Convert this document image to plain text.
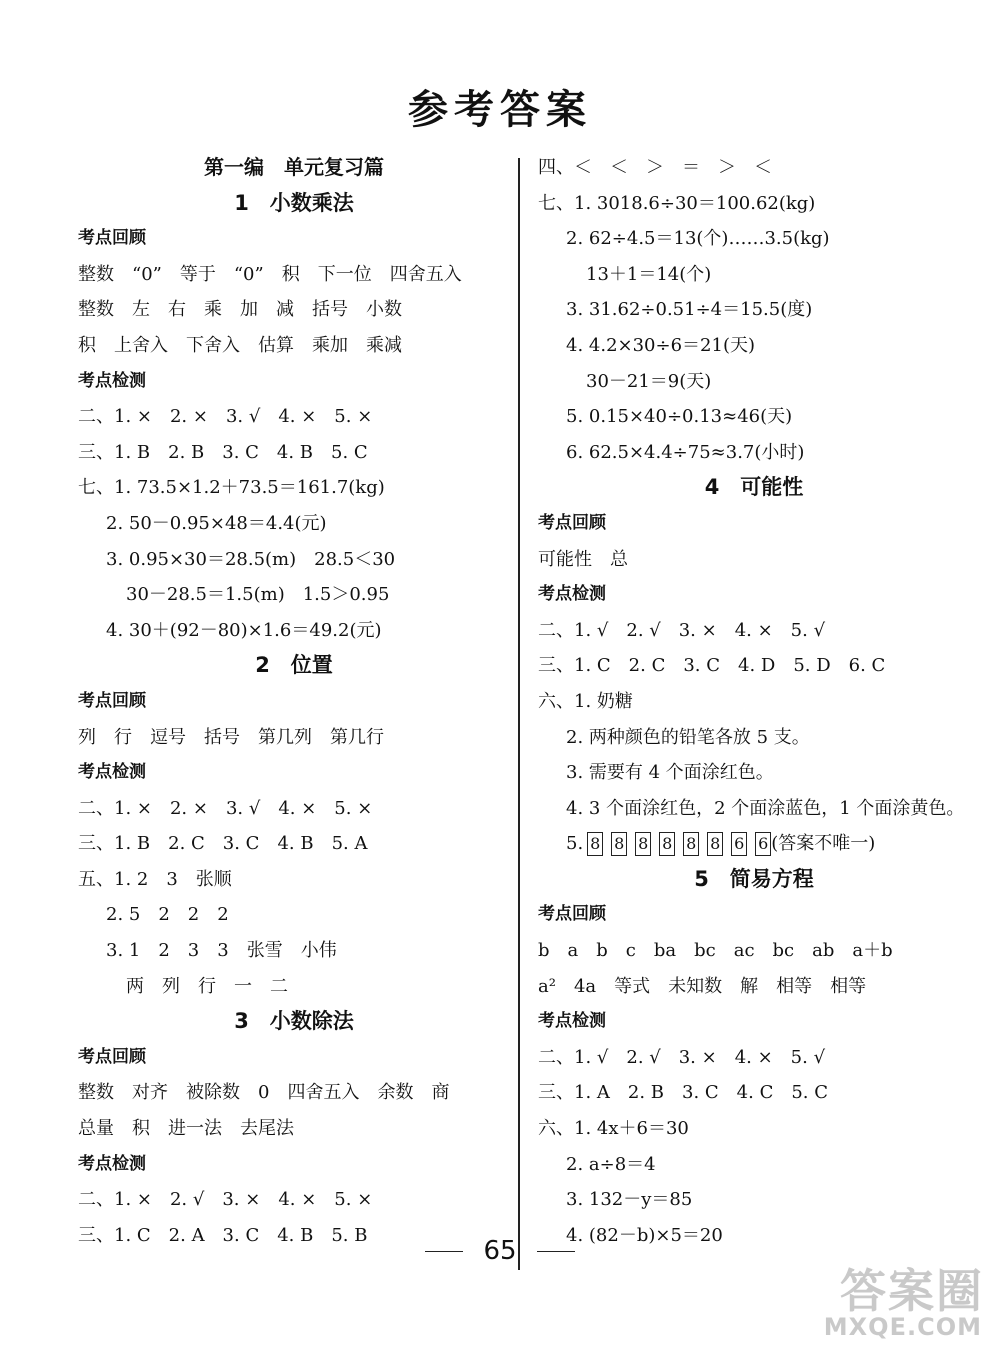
参考答案
第一编　单元复习篇
1　小数乘法
考点回顾
整数　“0”　等于　“0”　积　下一位　四舍五入
整数　左　右　乘　加　减　括号　小数
积　上舍入　下舍入　估算　乘加　乘减
考点检测
二、1. ×　2. ×　3. √　4. ×　5. ×
三、1. B　2. B　3. C　4. B　5. C
七、1. 73.5×1.2＋73.5＝161.7(kg)
2. 50－0.95×48＝4.4(元)
3. 0.95×30＝28.5(m)　28.5＜30
30－28.5＝1.5(m)　1.5＞0.95
4. 30＋(92－80)×1.6＝49.2(元)
2　位置
考点回顾
列　行　逗号　括号　第几列　第几行
考点检测
二、1. ×　2. ×　3. √　4. ×　5. ×
三、1. B　2. C　3. C　4. B　5. A
五、1. 2　3　张顺
2. 5　2　2　2
3. 1　2　3　3　张雪　小伟
两　列　行　一　二
3　小数除法
考点回顾
整数　对齐　被除数　0　四舍五入　余数　商
总量　积　进一法　去尾法
考点检测
二、1. ×　2. √　3. ×　4. ×　5. ×
三、1. C　2. A　3. C　4. B　5. B
四、＜　＜　＞　＝　＞　＜
七、1. 3018.6÷30＝100.62(kg)
2. 62÷4.5＝13(个)……3.5(kg)
13＋1＝14(个)
3. 31.62÷0.51÷4＝15.5(度)
4. 4.2×30÷6＝21(天)
30－21＝9(天)
5. 0.15×40÷0.13≈46(天)
6. 62.5×4.4÷75≈3.7(小时)
4　可能性
考点回顾
可能性　总
考点检测
二、1. √　2. √　3. ×　4. ×　5. √
三、1. C　2. C　3. C　4. D　5. D　6. C
六、1. 奶糖
2. 两种颜色的铅笔各放 5 支。
3. 需要有 4 个面涂红色。
4. 3 个面涂红色，2 个面涂蓝色，1 个面涂黄色。
5. 8 8 8 8 8 8 6 6 (答案不唯一)
5　简易方程
考点回顾
b　a　b　c　ba　bc　ac　bc　ab　a＋b
a²　4a　等式　未知数　解　相等　相等
考点检测
二、1. √　2. √　3. ×　4. ×　5. √
三、1. A　2. B　3. C　4. C　5. C
六、1. 4x＋6＝30
2. a÷8＝4
3. 132－y＝85
4. (82－b)×5＝20
65
答案圈
MXQE.COM
